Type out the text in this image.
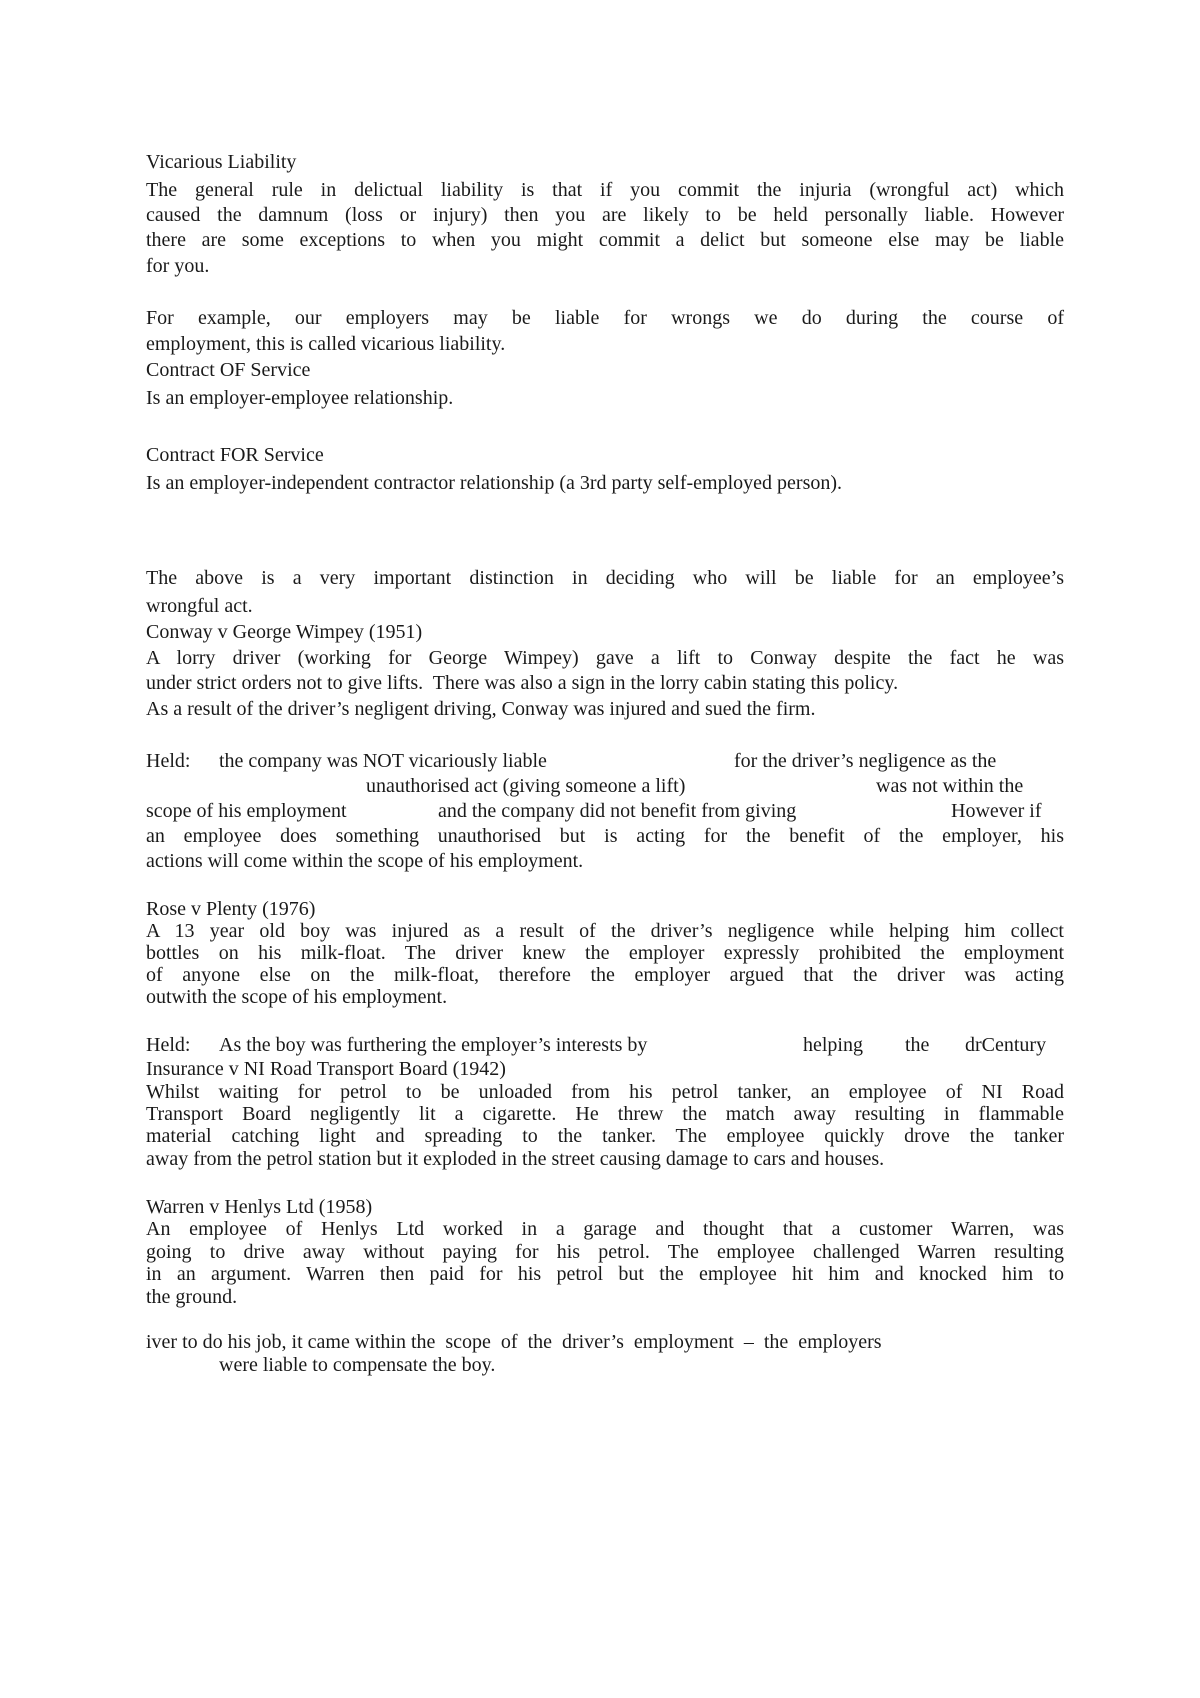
Vicarious Liability
The general rule in delictual liability is that if you commit the injuria (wrongful act) which
caused the damnum (loss or injury) then you are likely to be held personally liable. However
there are some exceptions to when you might commit a delict but someone else may be liable
for you.
For example, our employers may be liable for wrongs we do during the course of
employment, this is called vicarious liability.
Contract OF Service
Is an employer-employee relationship.
Contract FOR Service
Is an employer-independent contractor relationship (a 3rd party self-employed person).
The above is a very important distinction in deciding who will be liable for an employee’s
wrongful act.
Conway v George Wimpey (1951)
A lorry driver (working for George Wimpey) gave a lift to Conway despite the fact he was
under strict orders not to give lifts.  There was also a sign in the lorry cabin stating this policy.
As a result of the driver’s negligent driving, Conway was injured and sued the firm.
Held: the company was NOT vicariously liable	for the driver’s negligence as the
unauthorised act (giving someone a lift)	was not within the
scope of his employment	and the company did not benefit from giving	However if
an employee does something unauthorised but is acting for the benefit of the employer, his
actions will come within the scope of his employment.
Rose v Plenty (1976)
A 13 year old boy was injured as a result of the driver’s negligence while helping him collect
bottles on his milk-float. The driver knew the employer expressly prohibited the employment
of anyone else on the milk-float, therefore the employer argued that the driver was acting
outwith the scope of his employment.
Held: As the boy was furthering the employer’s interests by	helping the drCentury
Insurance v NI Road Transport Board (1942)
Whilst waiting for petrol to be unloaded from his petrol tanker, an employee of NI Road
Transport Board negligently lit a cigarette. He threw the match away resulting in flammable
material catching light and spreading to the tanker. The employee quickly drove the tanker
away from the petrol station but it exploded in the street causing damage to cars and houses.
Warren v Henlys Ltd (1958)
An employee of Henlys Ltd worked in a garage and thought that a customer Warren, was
going to drive away without paying for his petrol. The employee challenged Warren resulting
in an argument. Warren then paid for his petrol but the employee hit him and knocked him to
the ground.
iver to do his job, it came within the  scope  of  the  driver’s  employment  –  the  employers
were liable to compensate the boy.
